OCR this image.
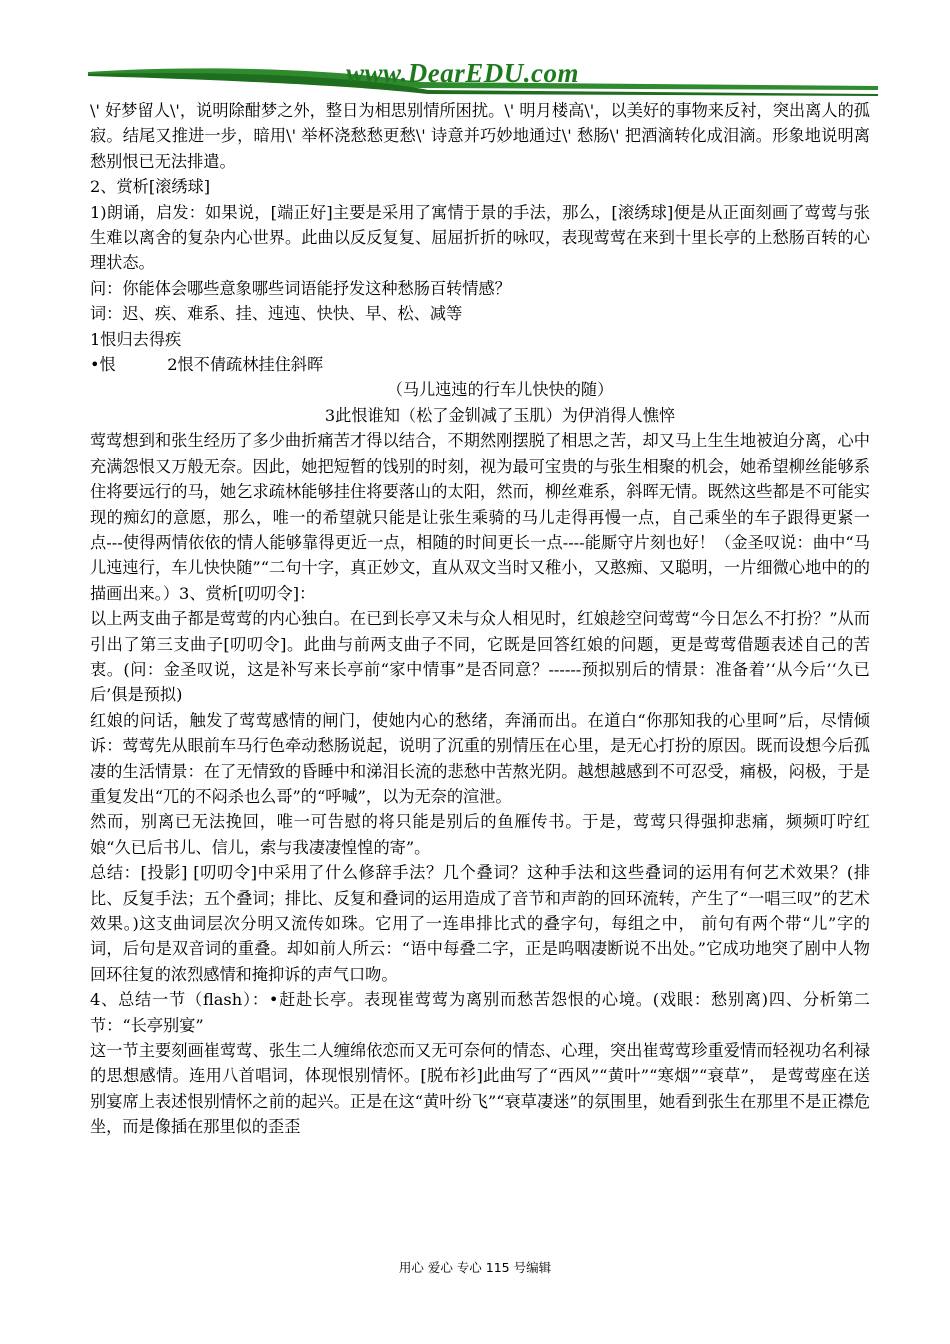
www.DearEDU.com

\' 好梦留人\'，说明除酣梦之外，整日为相思别情所困扰。\' 明月楼高\'，以美好的事物来反衬，突出离人的孤寂。结尾又推进一步，暗用\' 举杯浇愁愁更愁\' 诗意并巧妙地通过\' 愁肠\' 把酒滴转化成泪滴。形象地说明离愁别恨已无法排遣。

2、赏析[滚绣球]

1)朗诵，启发：如果说，[端正好]主要是采用了寓情于景的手法，那么，[滚绣球]便是从正面刻画了莺莺与张生难以离舍的复杂内心世界。此曲以反反复复、屈屈折折的咏叹，表现莺莺在来到十里长亭的上愁肠百转的心理状态。

问：你能体会哪些意象哪些词语能抒发这种愁肠百转情感？

词：迟、疾、难系、挂、迍迍、快快、早、松、减等

1恨归去得疾

•恨          2恨不倩疏林挂住斜晖

（马儿迍迍的行车儿快快的随）

3此恨谁知（松了金钏减了玉肌）为伊消得人憔悴

莺莺想到和张生经历了多少曲折痛苦才得以结合，不期然刚摆脱了相思之苦，却又马上生生地被迫分离，心中充满怨恨又万般无奈。因此，她把短暂的饯别的时刻，视为最可宝贵的与张生相聚的机会，她希望柳丝能够系住将要远行的马，她乞求疏林能够挂住将要落山的太阳，然而，柳丝难系，斜晖无情。既然这些都是不可能实现的痴幻的意愿，那么，唯一的希望就只能是让张生乘骑的马儿走得再慢一点，自己乘坐的车子跟得更紧一点---使得两情依依的情人能够靠得更近一点，相随的时间更长一点----能厮守片刻也好！（金圣叹说：曲中“马儿迍迍行，车儿快快随”“二句十字，真正妙文，直从双文当时又稚小，又憨痴、又聪明，一片细微心地中的的描画出来。）3、赏析[叨叨令]：

以上两支曲子都是莺莺的内心独白。在已到长亭又未与众人相见时，红娘趁空问莺莺“今日怎么不打扮？”从而引出了第三支曲子[叨叨令]。此曲与前两支曲子不同，它既是回答红娘的问题，更是莺莺借题表述自己的苦衷。(问：金圣叹说，这是补写来长亭前“家中情事”是否同意？------预拟别后的情景：准备着’‘从今后’‘久已后’俱是预拟)

红娘的问话，触发了莺莺感情的闸门，使她内心的愁绪，奔涌而出。在道白“你那知我的心里呵”后，尽情倾诉：莺莺先从眼前车马行色牵动愁肠说起，说明了沉重的别情压在心里，是无心打扮的原因。既而设想今后孤凄的生活情景：在了无情致的昏睡中和涕泪长流的悲愁中苦熬光阴。越想越感到不可忍受，痛极，闷极，于是重复发出“兀的不闷杀也么哥”的“呼喊”，以为无奈的渲泄。

然而，别离已无法挽回，唯一可告慰的将只能是别后的鱼雁传书。于是，莺莺只得强抑悲痛，频频叮咛红娘“久已后书儿、信儿，索与我凄凄惶惶的寄”。

总结：[投影] [叨叨令]中采用了什么修辞手法？几个叠词？这种手法和这些叠词的运用有何艺术效果？(排比、反复手法；五个叠词；排比、反复和叠词的运用造成了音节和声韵的回环流转，产生了“一唱三叹”的艺术效果。)这支曲词层次分明又流传如珠。它用了一连串排比式的叠字句，每组之中， 前句有两个带“儿”字的词，后句是双音词的重叠。却如前人所云：“语中每叠二字，正是呜咽凄断说不出处。”它成功地突了剧中人物回环往复的浓烈感情和掩抑诉的声气口吻。

4、总结一节（flash）：•赶赴长亭。表现崔莺莺为离别而愁苦怨恨的心境。(戏眼：愁别离)四、分析第二节：“长亭别宴”

这一节主要刻画崔莺莺、张生二人缠绵依恋而又无可奈何的情态、心理，突出崔莺莺珍重爱情而轻视功名利禄的思想感情。连用八首唱词，体现恨别情怀。[脱布衫]此曲写了“西风”“黄叶”“寒烟”“衰草”， 是莺莺座在送别宴席上表述恨别情怀之前的起兴。正是在这“黄叶纷飞”“衰草凄迷”的氛围里，她看到张生在那里不是正襟危坐，而是像插在那里似的歪歪

用心 爱心 专心 115 号编辑
